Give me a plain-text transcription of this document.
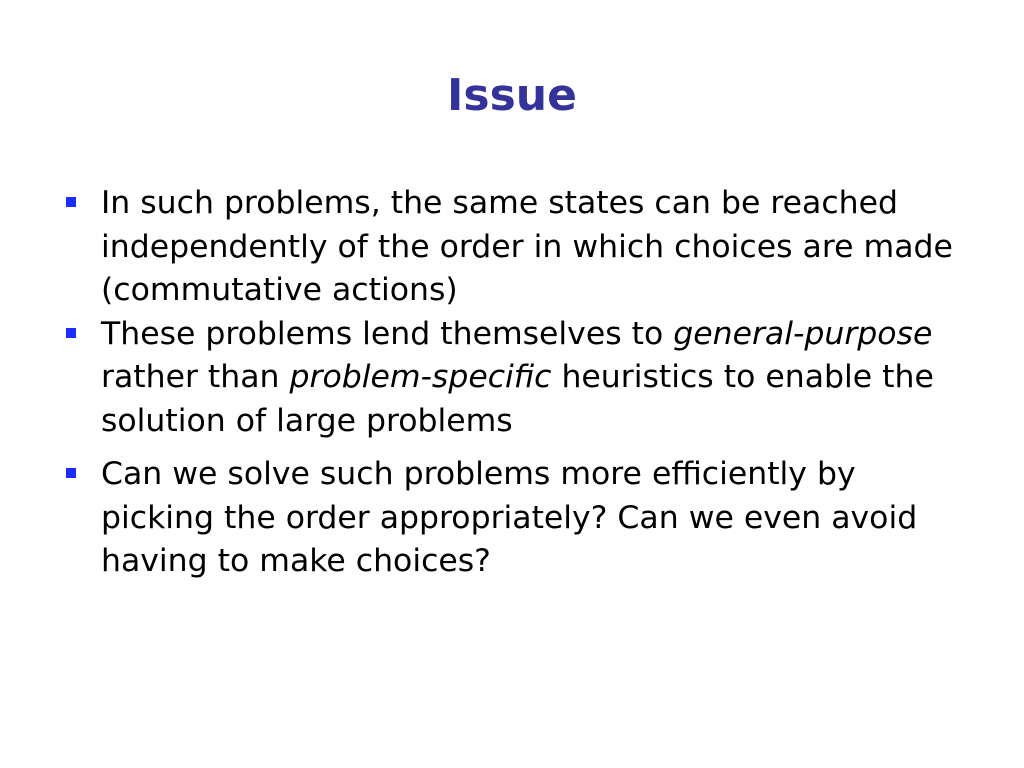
Issue
In such problems, the same states can be reached independently of the order in which choices are made (commutative actions)
These problems lend themselves to general-purpose rather than problem-specific heuristics to enable the solution of large problems
Can we solve such problems more efficiently by picking the order appropriately? Can we even avoid having to make choices?
